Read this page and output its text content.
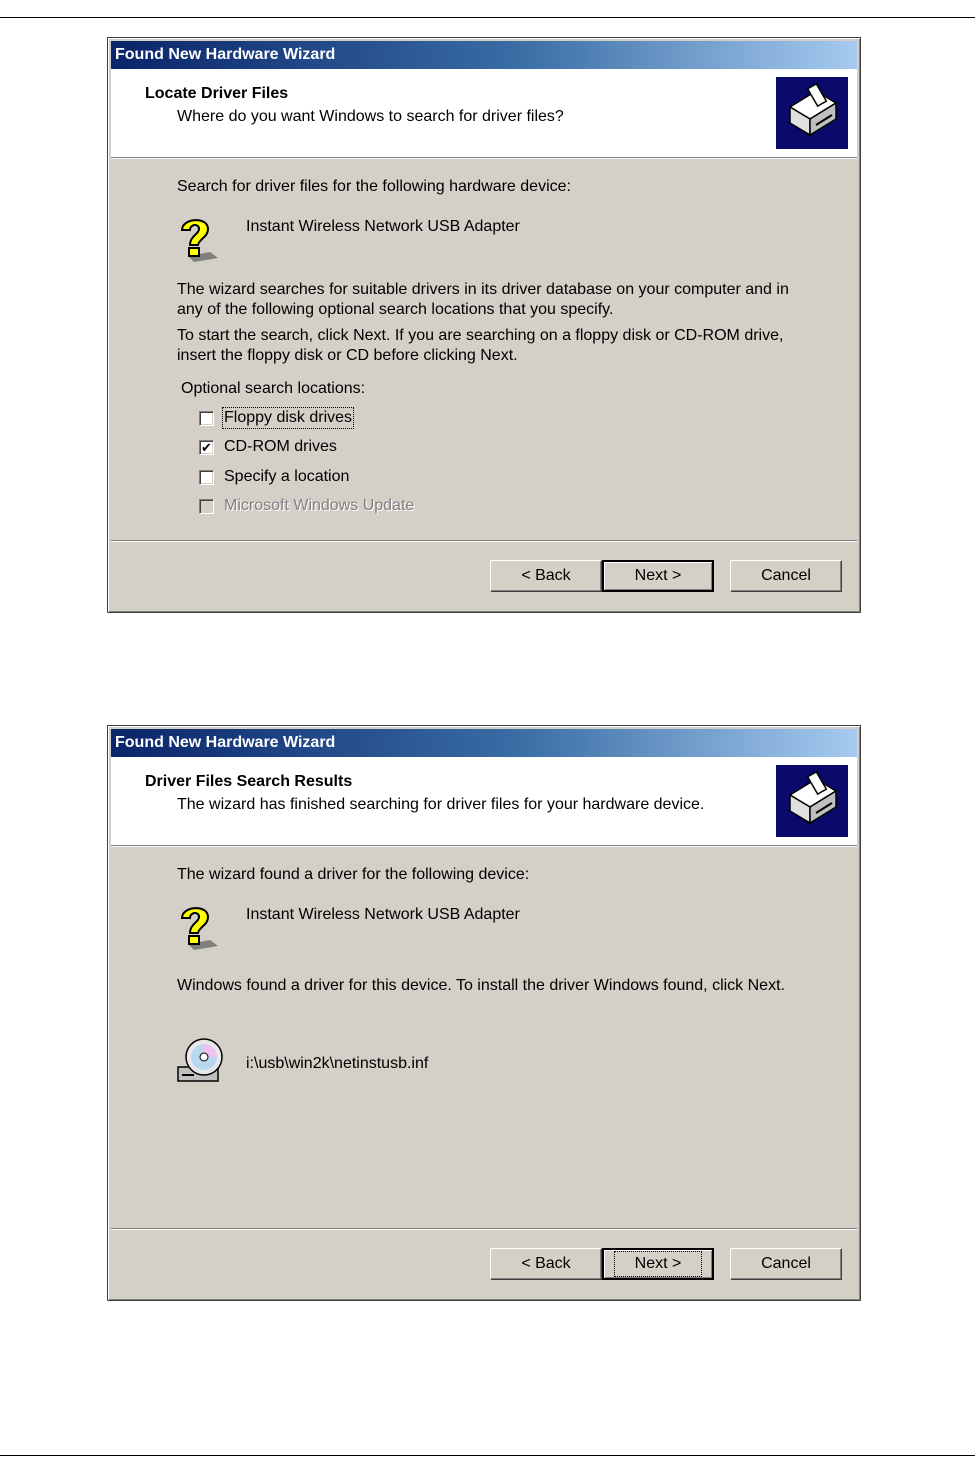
Found New Hardware Wizard
Locate Driver Files
Where do you want Windows to search for driver files?
Search for driver files for the following hardware device:
Instant Wireless Network USB Adapter
The wizard searches for suitable drivers in its driver database on your computer and in
any of the following optional search locations that you specify.
To start the search, click Next. If you are searching on a floppy disk or CD-ROM drive,
insert the floppy disk or CD before clicking Next.
Optional search locations:
Floppy disk drives
✔ CD-ROM drives
Specify a location
Microsoft Windows Update
< Back	Next >	Cancel
Found New Hardware Wizard
Driver Files Search Results
The wizard has finished searching for driver files for your hardware device.
The wizard found a driver for the following device:
Instant Wireless Network USB Adapter
Windows found a driver for this device. To install the driver Windows found, click Next.
i:\usb\win2k\netinstusb.inf
< Back	Next >	Cancel
